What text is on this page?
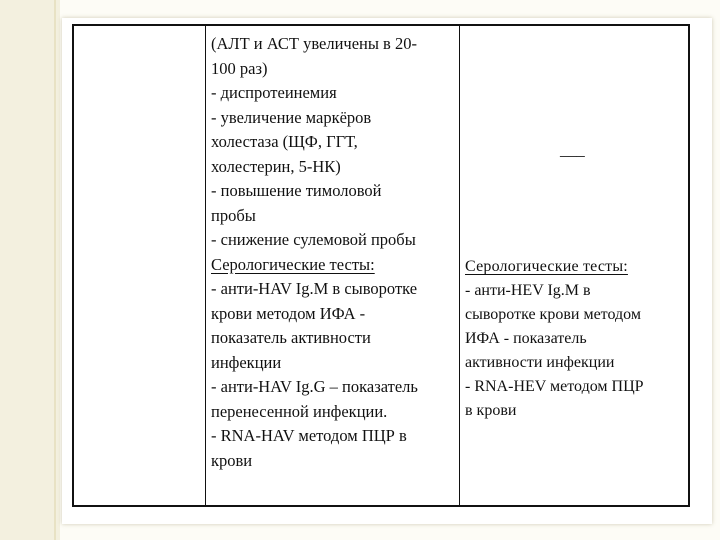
(АЛТ и АСТ увеличены в 20-

100 раз)

- диспротеинемия

- увеличение маркёров

холестаза (ЩФ, ГГТ,

холестерин, 5-НК)

- повышение тимоловой

пробы

- снижение сулемовой пробы

Серологические тесты:

- анти-HAV Ig.M в сыворотке

крови методом ИФА -

показатель активности

инфекции

- анти-HAV Ig.G – показатель

перенесенной инфекции.

- RNA-HAV методом ПЦР в

крови

___

Серологические тесты:

- анти-HEV Ig.M в

сыворотке крови методом

ИФА - показатель

активности инфекции

- RNA-HEV методом ПЦР

в крови
